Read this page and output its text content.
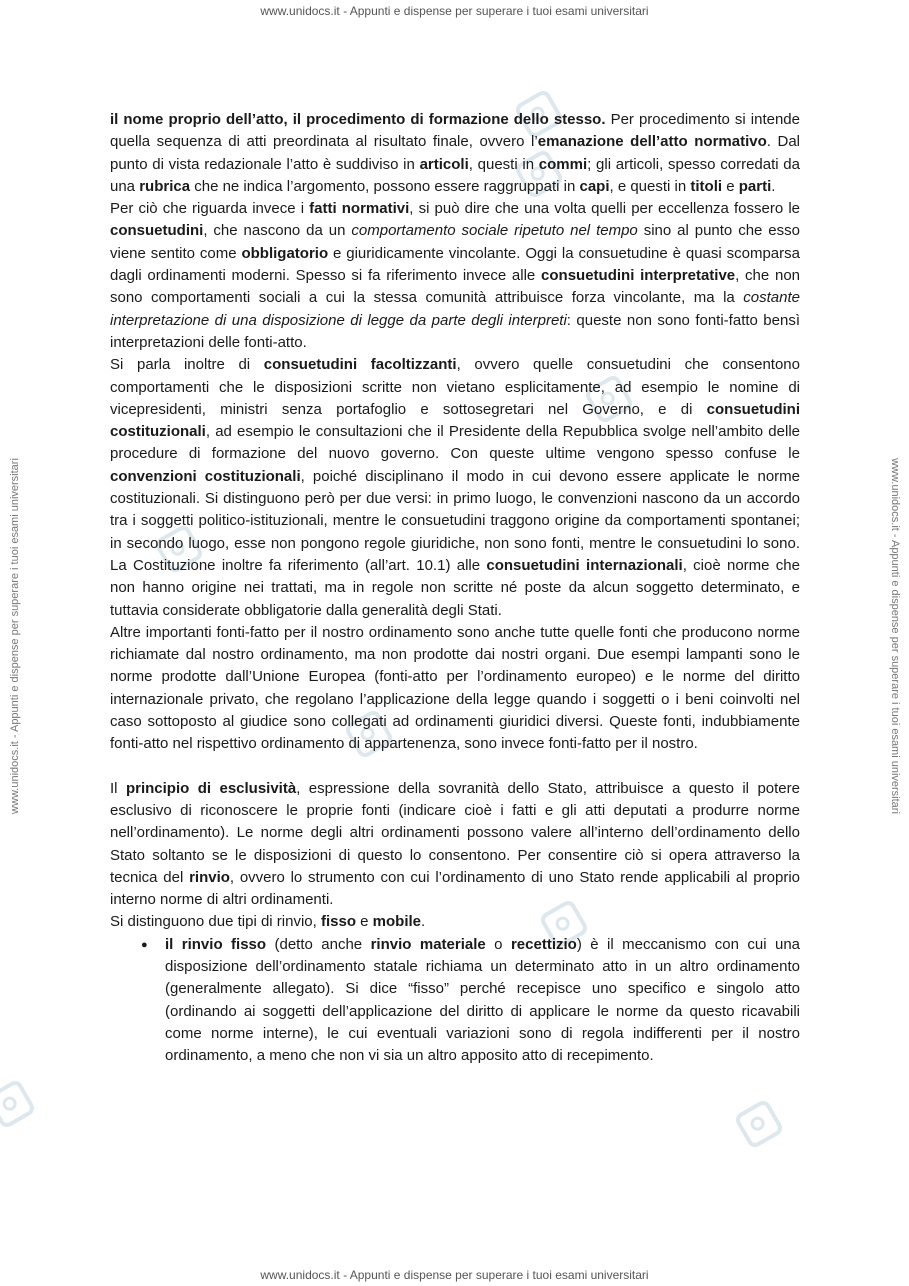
www.unidocs.it - Appunti e dispense per superare i tuoi esami universitari
www.unidocs.it - Appunti e dispense per superare i tuoi esami universitari
www.unidocs.it - Appunti e dispense per superare i tuoi esami universitari	www.unidocs.it - Appunti e dispense per superare i tuoi esami universitari

il nome proprio dell’atto, il procedimento di formazione dello stesso. Per procedimento si intende quella sequenza di atti preordinata al risultato finale, ovvero l’emanazione dell’atto normativo. Dal punto di vista redazionale l’atto è suddiviso in articoli, questi in commi; gli articoli, spesso corredati da una rubrica che ne indica l’argomento, possono essere raggruppati in capi, e questi in titoli e parti.

Per ciò che riguarda invece i fatti normativi, si può dire che una volta quelli per eccellenza fossero le consuetudini, che nascono da un comportamento sociale ripetuto nel tempo sino al punto che esso viene sentito come obbligatorio e giuridicamente vincolante. Oggi la consuetudine è quasi scomparsa dagli ordinamenti moderni. Spesso si fa riferimento invece alle consuetudini interpretative, che non sono comportamenti sociali a cui la stessa comunità attribuisce forza vincolante, ma la costante interpretazione di una disposizione di legge da parte degli interpreti: queste non sono fonti-fatto bensì interpretazioni delle fonti-atto.

Si parla inoltre di consuetudini facoltizzanti, ovvero quelle consuetudini che consentono comportamenti che le disposizioni scritte non vietano esplicitamente, ad esempio le nomine di vicepresidenti, ministri senza portafoglio e sottosegretari nel Governo, e di consuetudini costituzionali, ad esempio le consultazioni che il Presidente della Repubblica svolge nell’ambito delle procedure di formazione del nuovo governo. Con queste ultime vengono spesso confuse le convenzioni costituzionali, poiché disciplinano il modo in cui devono essere applicate le norme costituzionali. Si distinguono però per due versi: in primo luogo, le convenzioni nascono da un accordo tra i soggetti politico-istituzionali, mentre le consuetudini traggono origine da comportamenti spontanei; in secondo luogo, esse non pongono regole giuridiche, non sono fonti, mentre le consuetudini lo sono. La Costituzione inoltre fa riferimento (all’art. 10.1) alle consuetudini internazionali, cioè norme che non hanno origine nei trattati, ma in regole non scritte né poste da alcun soggetto determinato, e tuttavia considerate obbligatorie dalla generalità degli Stati.

Altre importanti fonti-fatto per il nostro ordinamento sono anche tutte quelle fonti che producono norme richiamate dal nostro ordinamento, ma non prodotte dai nostri organi. Due esempi lampanti sono le norme prodotte dall’Unione Europea (fonti-atto per l’ordinamento europeo) e le norme del diritto internazionale privato, che regolano l’applicazione della legge quando i soggetti o i beni coinvolti nel caso sottoposto al giudice sono collegati ad ordinamenti giuridici diversi. Queste fonti, indubbiamente fonti-atto nel rispettivo ordinamento di appartenenza, sono invece fonti-fatto per il nostro.

Il principio di esclusività, espressione della sovranità dello Stato, attribuisce a questo il potere esclusivo di riconoscere le proprie fonti (indicare cioè i fatti e gli atti deputati a produrre norme nell’ordinamento). Le norme degli altri ordinamenti possono valere all’interno dell’ordinamento dello Stato soltanto se le disposizioni di questo lo consentono. Per consentire ciò si opera attraverso la tecnica del rinvio, ovvero lo strumento con cui l’ordinamento di uno Stato rende applicabili al proprio interno norme di altri ordinamenti.

Si distinguono due tipi di rinvio, fisso e mobile.

● il rinvio fisso (detto anche rinvio materiale o recettizio) è il meccanismo con cui una disposizione dell’ordinamento statale richiama un determinato atto in un altro ordinamento (generalmente allegato). Si dice “fisso” perché recepisce uno specifico e singolo atto (ordinando ai soggetti dell’applicazione del diritto di applicare le norme da questo ricavabili come norme interne), le cui eventuali variazioni sono di regola indifferenti per il nostro ordinamento, a meno che non vi sia un altro apposito atto di recepimento.
